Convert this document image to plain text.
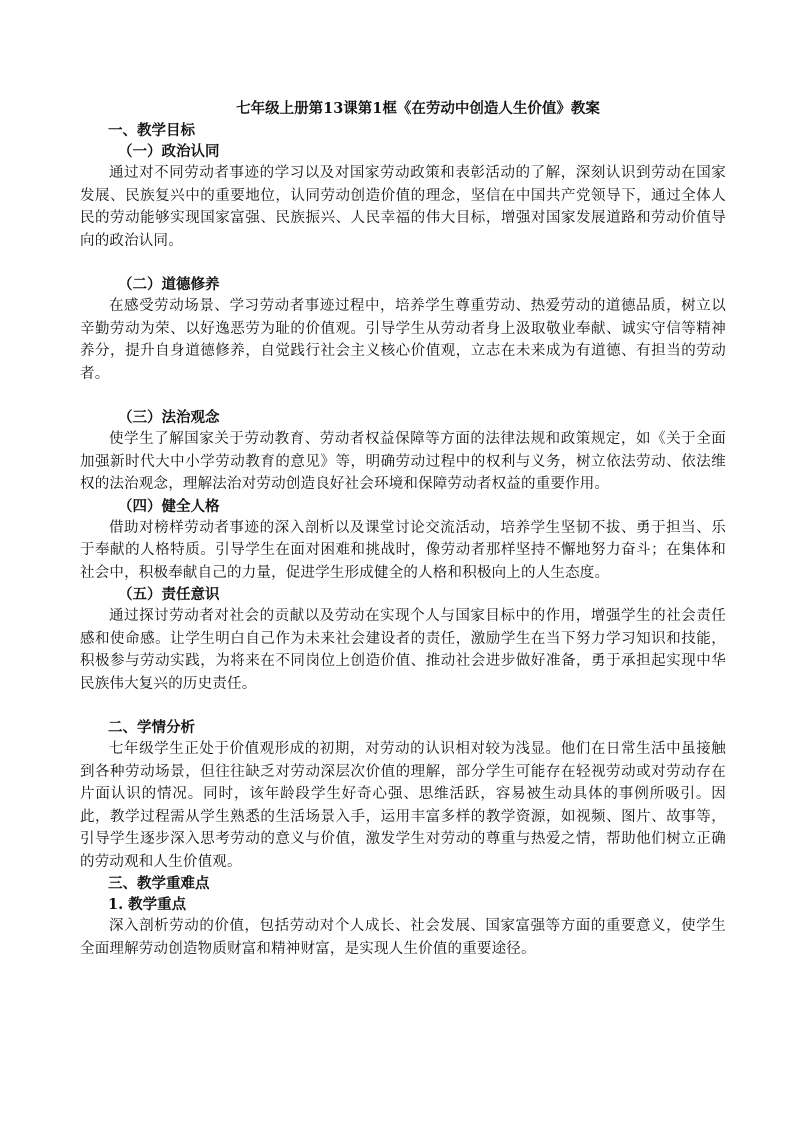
七年级上册第13课第1框《在劳动中创造人生价值》教案

一、教学目标

（一）政治认同

通过对不同劳动者事迹的学习以及对国家劳动政策和表彰活动的了解，深刻认识到劳动在国家发展、民族复兴中的重要地位，认同劳动创造价值的理念，坚信在中国共产党领导下，通过全体人民的劳动能够实现国家富强、民族振兴、人民幸福的伟大目标，增强对国家发展道路和劳动价值导向的政治认同。

（二）道德修养

在感受劳动场景、学习劳动者事迹过程中，培养学生尊重劳动、热爱劳动的道德品质，树立以辛勤劳动为荣、以好逸恶劳为耻的价值观。引导学生从劳动者身上汲取敬业奉献、诚实守信等精神养分，提升自身道德修养，自觉践行社会主义核心价值观，立志在未来成为有道德、有担当的劳动者。

（三）法治观念

使学生了解国家关于劳动教育、劳动者权益保障等方面的法律法规和政策规定，如《关于全面加强新时代大中小学劳动教育的意见》等，明确劳动过程中的权利与义务，树立依法劳动、依法维权的法治观念，理解法治对劳动创造良好社会环境和保障劳动者权益的重要作用。

（四）健全人格

借助对榜样劳动者事迹的深入剖析以及课堂讨论交流活动，培养学生坚韧不拔、勇于担当、乐于奉献的人格特质。引导学生在面对困难和挑战时，像劳动者那样坚持不懈地努力奋斗；在集体和社会中，积极奉献自己的力量，促进学生形成健全的人格和积极向上的人生态度。

（五）责任意识

通过探讨劳动者对社会的贡献以及劳动在实现个人与国家目标中的作用，增强学生的社会责任感和使命感。让学生明白自己作为未来社会建设者的责任，激励学生在当下努力学习知识和技能，积极参与劳动实践，为将来在不同岗位上创造价值、推动社会进步做好准备，勇于承担起实现中华民族伟大复兴的历史责任。

二、学情分析

七年级学生正处于价值观形成的初期，对劳动的认识相对较为浅显。他们在日常生活中虽接触到各种劳动场景，但往往缺乏对劳动深层次价值的理解，部分学生可能存在轻视劳动或对劳动存在片面认识的情况。同时，该年龄段学生好奇心强、思维活跃，容易被生动具体的事例所吸引。因此，教学过程需从学生熟悉的生活场景入手，运用丰富多样的教学资源，如视频、图片、故事等，引导学生逐步深入思考劳动的意义与价值，激发学生对劳动的尊重与热爱之情，帮助他们树立正确的劳动观和人生价值观。

三、教学重难点

1. 教学重点

深入剖析劳动的价值，包括劳动对个人成长、社会发展、国家富强等方面的重要意义，使学生全面理解劳动创造物质财富和精神财富，是实现人生价值的重要途径。
